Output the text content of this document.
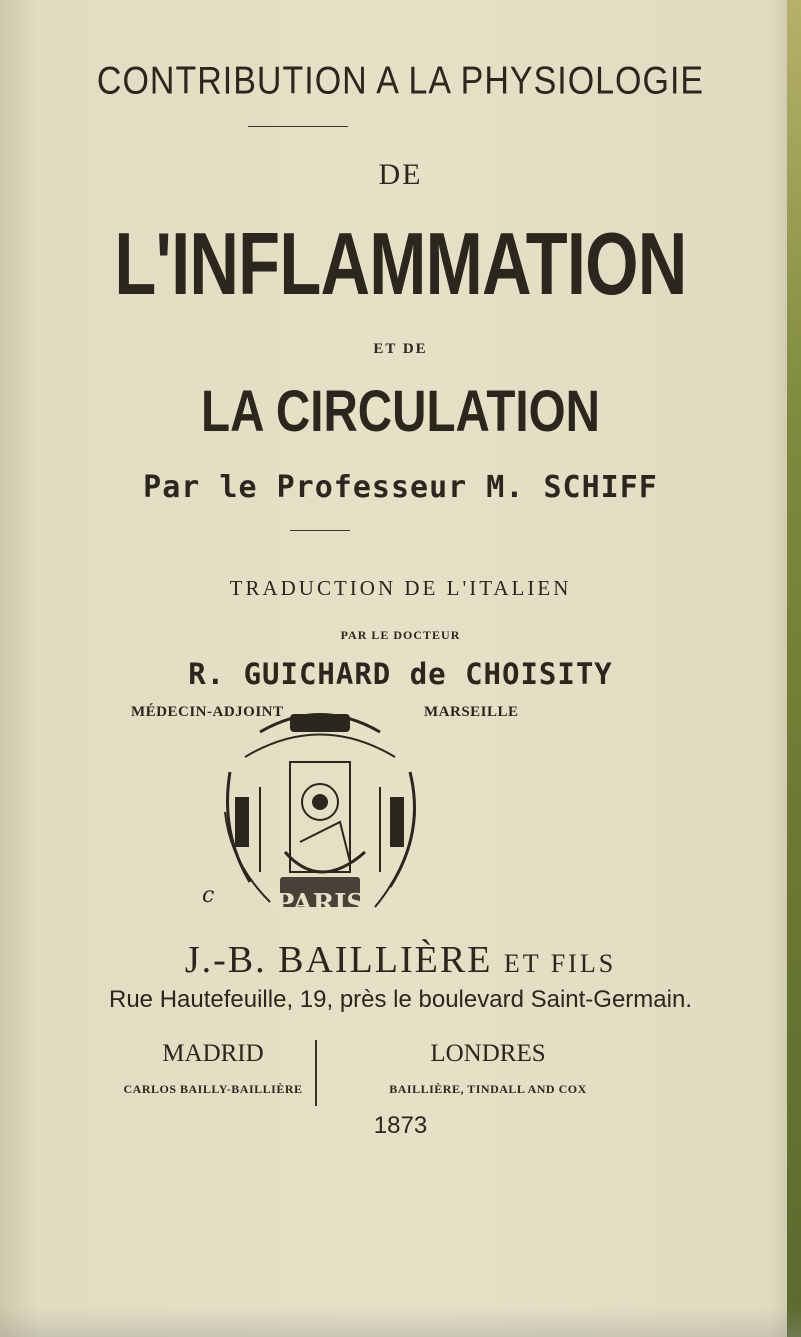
CONTRIBUTION A LA PHYSIOLOGIE
DE
L'INFLAMMATION
ET DE
LA CIRCULATION
Par le Professeur M. SCHIFF
TRADUCTION DE L'ITALIEN
PAR LE DOCTEUR
R. GUICHARD de CHOISITY
MÉDECIN-ADJOINT	MARSEILLE
PARIS
c
J.-B. BAILLIÈRE ET FILS
Rue Hautefeuille, 19, près le boulevard Saint-Germain.
MADRID
CARLOS BAILLY-BAILLIÈRE
LONDRES
BAILLIÈRE, TINDALL AND COX
1873
